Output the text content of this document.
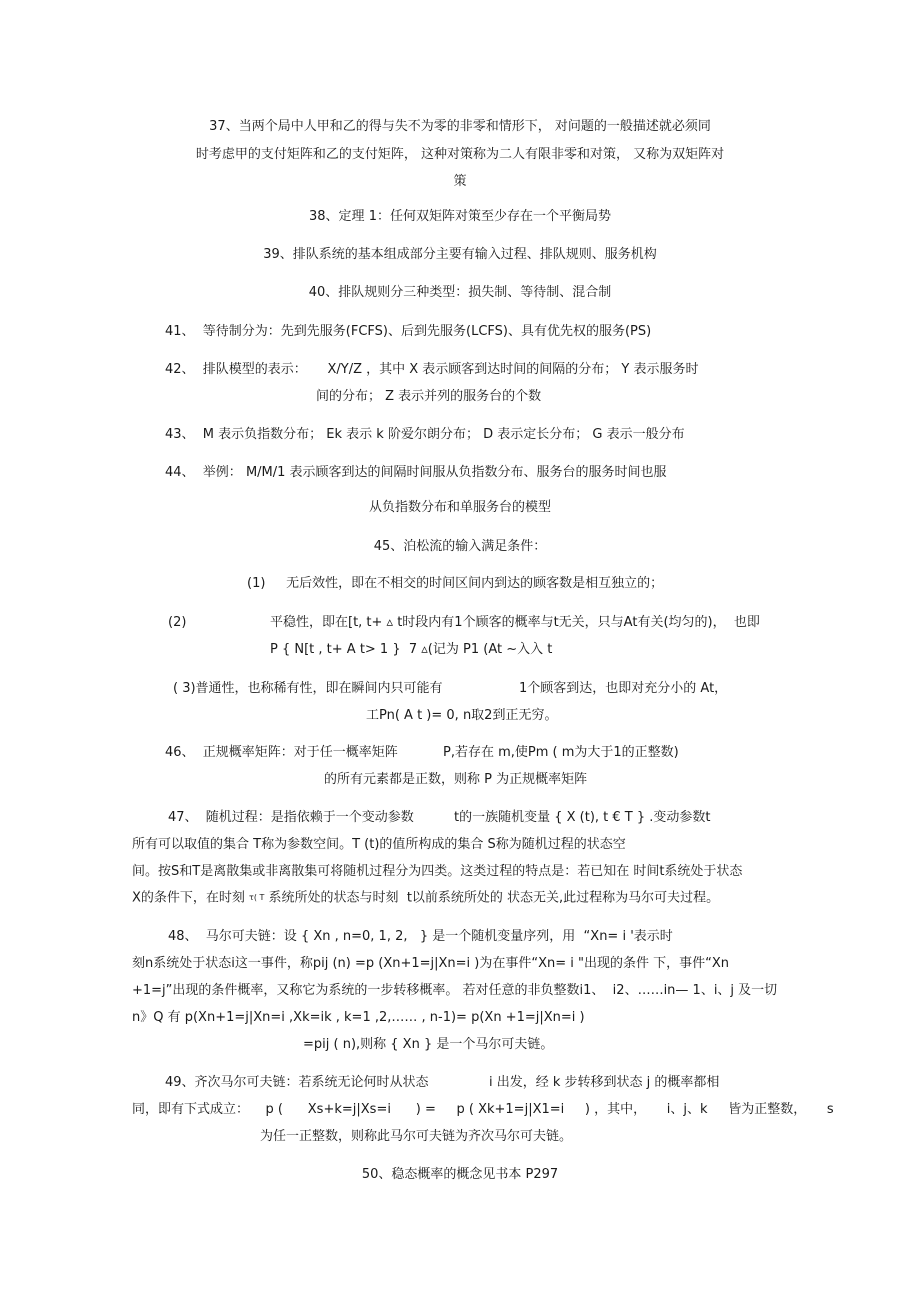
37、当两个局中人甲和乙的得与失不为零的非零和情形下， 对问题的一般描述就必须同
时考虑甲的支付矩阵和乙的支付矩阵， 这种对策称为二人有限非零和对策， 又称为双矩阵对
策
38、定理 1：任何双矩阵对策至少存在一个平衡局势
39、排队系统的基本组成部分主要有输入过程、排队规则、服务机构
40、排队规则分三种类型：损失制、等待制、混合制
41、  等待制分为：先到先服务(FCFS)、后到先服务(LCFS)、具有优先权的服务(PS)
42、  排队模型的表示：     X/Y/Z ，其中 X 表示顾客到达时间的间隔的分布； Y 表示服务时
间的分布； Z 表示并列的服务台的个数
43、  M 表示负指数分布； Ek 表示 k 阶爱尔朗分布； D 表示定长分布； G 表示一般分布
44、  举例： M/M/1 表示顾客到达的间隔时间服从负指数分布、服务台的服务时间也服
从负指数分布和单服务台的模型
45、泊松流的输入满足条件：
(1)     无后效性，即在不相交的时间区间内到达的顾客数是相互独立的；
(2)	平稳性，即在[t, t+ ▵ t时段内有1个顾客的概率与t无关，只与At有关(均匀的)，  也即
P { N[t , t+ A t> 1 }  7 ▵(记为 P1 (At ~入入 t
( 3)普通性，也称稀有性，即在瞬间内只可能有	1个顾客到达，也即对充分小的 At，
工Pn( A t )= 0, n取2到正无穷。
46、  正规概率矩阵：对于任一概率矩阵	P,若存在 m,使Pm ( m为大于1的正整数)
的所有元素都是正数，则称 P 为正规概率矩阵
47、  随机过程：是指依赖于一个变动参数	t的一族随机变量 { X (t), t € T } .变动参数t
所有可以取值的集合 T称为参数空间。T (t)的值所构成的集合 S称为随机过程的状态空
间。按S和T是离散集或非离散集可将随机过程分为四类。这类过程的特点是：若已知在 时间t系统处于状态
X的条件下，在时刻 τ( T 系统所处的状态与时刻  t以前系统所处的 状态无关,此过程称为马尔可夫过程。
48、  马尔可夫链：设 { Xn , n=0, 1, 2,   } 是一个随机变量序列，用  “Xn= i '表示时
刻n系统处于状态i这一事件，称pij (n) =p (Xn+1=j|Xn=i )为在事件“Xn= i "出现的条件 下，事件“Xn
+1=j”出现的条件概率，又称它为系统的一步转移概率。 若对任意的非负整数i1、  i2、……in— 1、i、j 及一切
n》Q 有 p(Xn+1=j|Xn=i ,Xk=ik , k=1 ,2,…… , n-1)= p(Xn +1=j|Xn=i )
=pij ( n),则称 { Xn } 是一个马尔可夫链。
49、齐次马尔可夫链：若系统无论何时从状态	i 出发，经 k 步转移到状态 j 的概率都相
同，即有下式成立：    p (      Xs+k=j|Xs=i      ) =     p ( Xk+1=j|X1=i     ) ，其中，     i、j、k     皆为正整数，     s
为任一正整数，则称此马尔可夫链为齐次马尔可夫链。
50、稳态概率的概念见书本 P297
